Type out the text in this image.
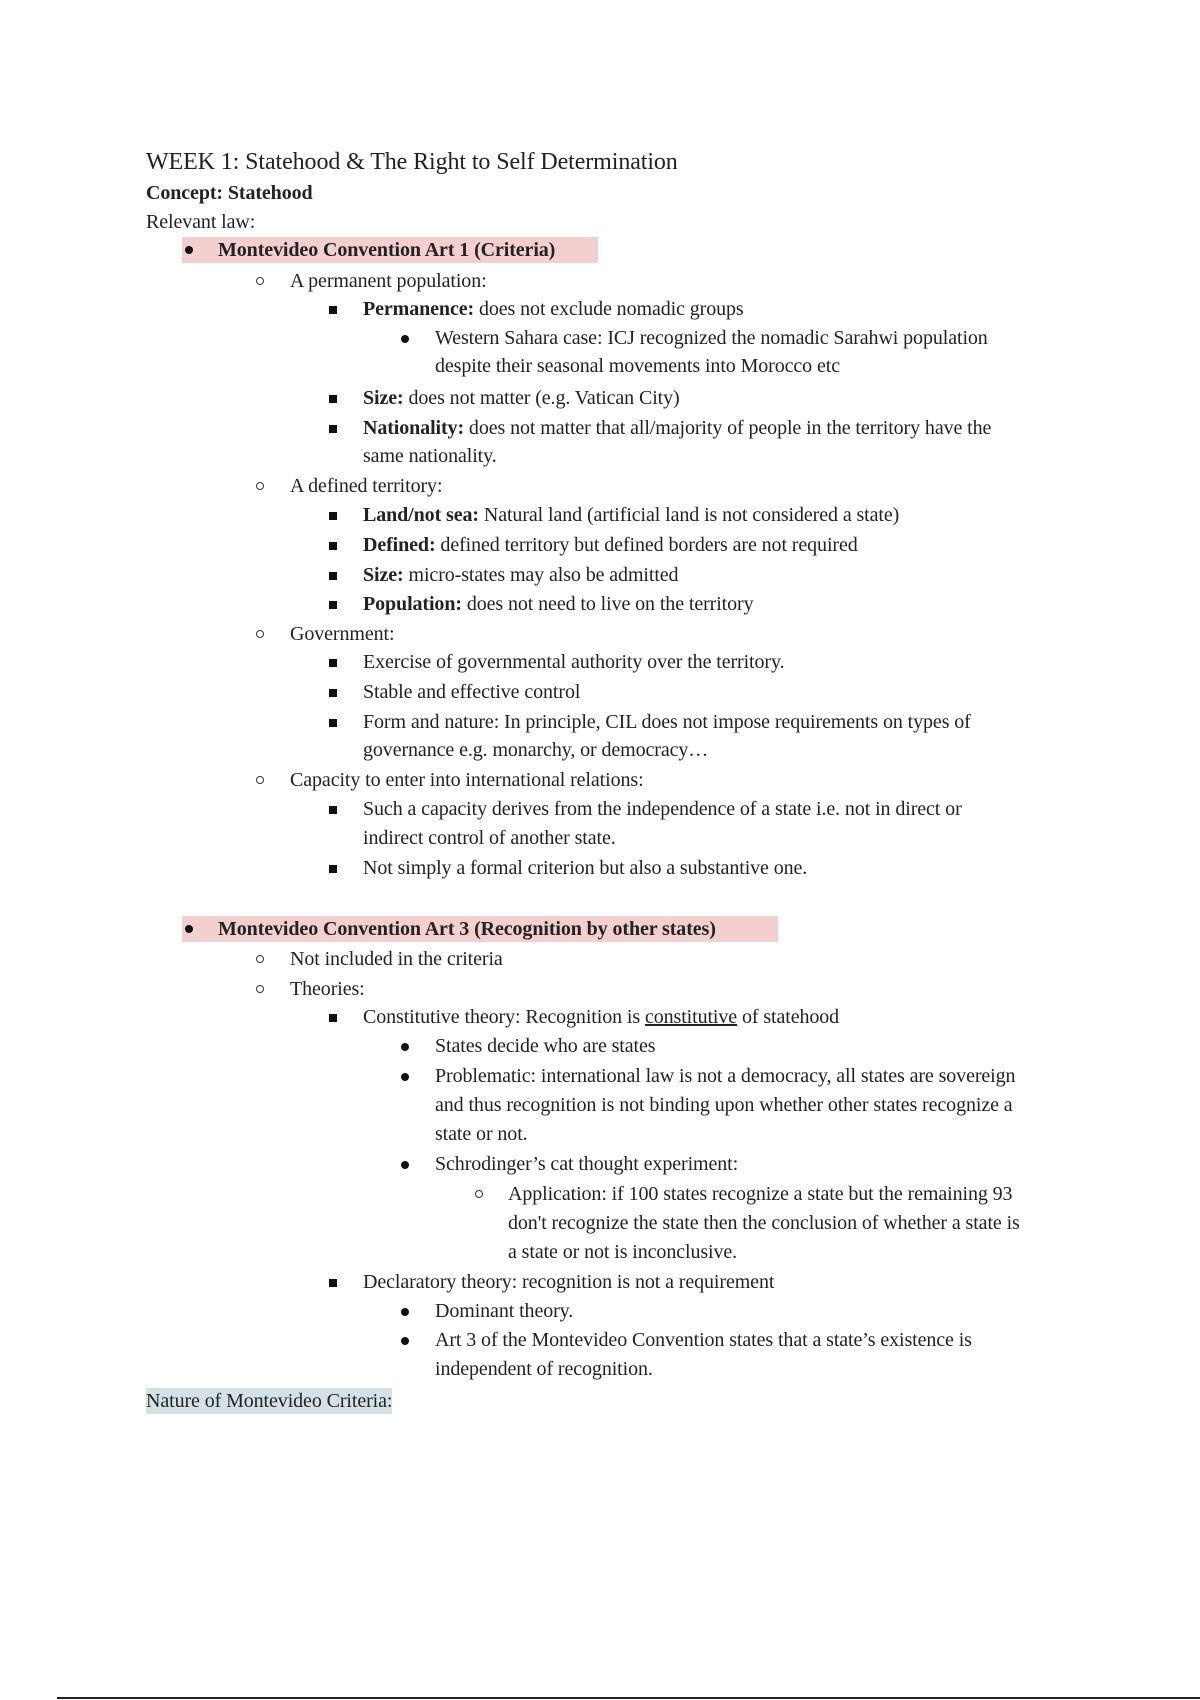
WEEK 1: Statehood & The Right to Self Determination
Concept: Statehood
Relevant law:
Montevideo Convention Art 1 (Criteria)
A permanent population:
Permanence: does not exclude nomadic groups
Western Sahara case: ICJ recognized the nomadic Sarahwi population
despite their seasonal movements into Morocco etc
Size: does not matter (e.g. Vatican City)
Nationality: does not matter that all/majority of people in the territory have the
same nationality.
A defined territory:
Land/not sea: Natural land (artificial land is not considered a state)
Defined: defined territory but defined borders are not required
Size: micro-states may also be admitted
Population: does not need to live on the territory
Government:
Exercise of governmental authority over the territory.
Stable and effective control
Form and nature: In principle, CIL does not impose requirements on types of
governance e.g. monarchy, or democracy…
Capacity to enter into international relations:
Such a capacity derives from the independence of a state i.e. not in direct or
indirect control of another state.
Not simply a formal criterion but also a substantive one.
Montevideo Convention Art 3 (Recognition by other states)
Not included in the criteria
Theories:
Constitutive theory: Recognition is constitutive of statehood
States decide who are states
Problematic: international law is not a democracy, all states are sovereign
and thus recognition is not binding upon whether other states recognize a
state or not.
Schrodinger’s cat thought experiment:
Application: if 100 states recognize a state but the remaining 93
don't recognize the state then the conclusion of whether a state is
a state or not is inconclusive.
Declaratory theory: recognition is not a requirement
Dominant theory.
Art 3 of the Montevideo Convention states that a state’s existence is
independent of recognition.
Nature of Montevideo Criteria:
